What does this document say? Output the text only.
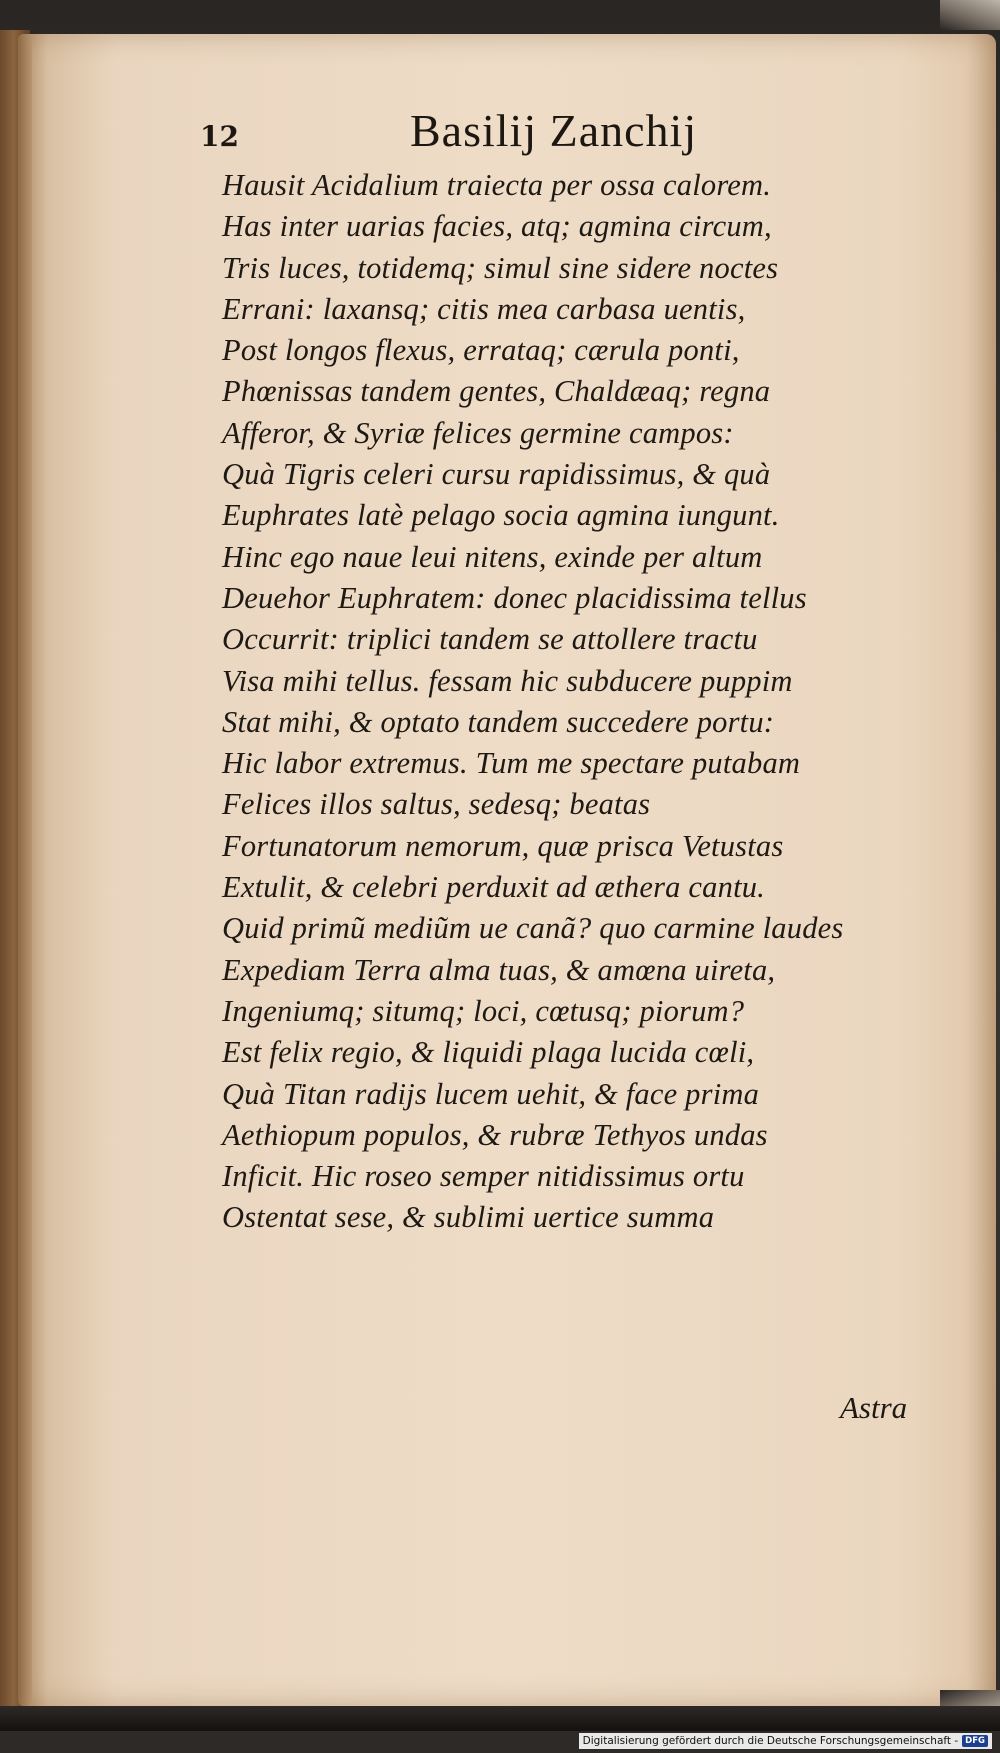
12	Basilij Zanchij
Hausit Acidalium traiecta per ossa calorem.
Has inter uarias facies, atq; agmina circum,
Tris luces, totidemq; simul sine sidere noctes
Errani: laxansq; citis mea carbasa uentis,
Post longos flexus, errataq; cærula ponti,
Phœnissas tandem gentes, Chaldæaq; regna
Afferor, & Syriæ felices germine campos:
Quà Tigris celeri cursu rapidissimus, & quà
Euphrates latè pelago socia agmina iungunt.
Hinc ego naue leui nitens, exinde per altum
Deuehor Euphratem: donec placidissima tellus
Occurrit: triplici tandem se attollere tractu
Visa mihi tellus. fessam hic subducere puppim
Stat mihi, & optato tandem succedere portu:
Hic labor extremus. Tum me spectare putabam
Felices illos saltus, sedesq; beatas
Fortunatorum nemorum, quæ prisca Vetustas
Extulit, & celebri perduxit ad æthera cantu.
Quid primũ mediũm ue canã? quo carmine laudes
Expediam Terra alma tuas, & amœna uireta,
Ingeniumq; situmq; loci, cœtusq; piorum?
Est felix regio, & liquidi plaga lucida cœli,
Quà Titan radijs lucem uehit, & face prima
Aethiopum populos, & rubræ Tethyos undas
Inficit. Hic roseo semper nitidissimus ortu
Ostentat sese, & sublimi uertice summa
Astra
Digitalisierung gefördert durch die Deutsche Forschungsgemeinschaft - DFG
